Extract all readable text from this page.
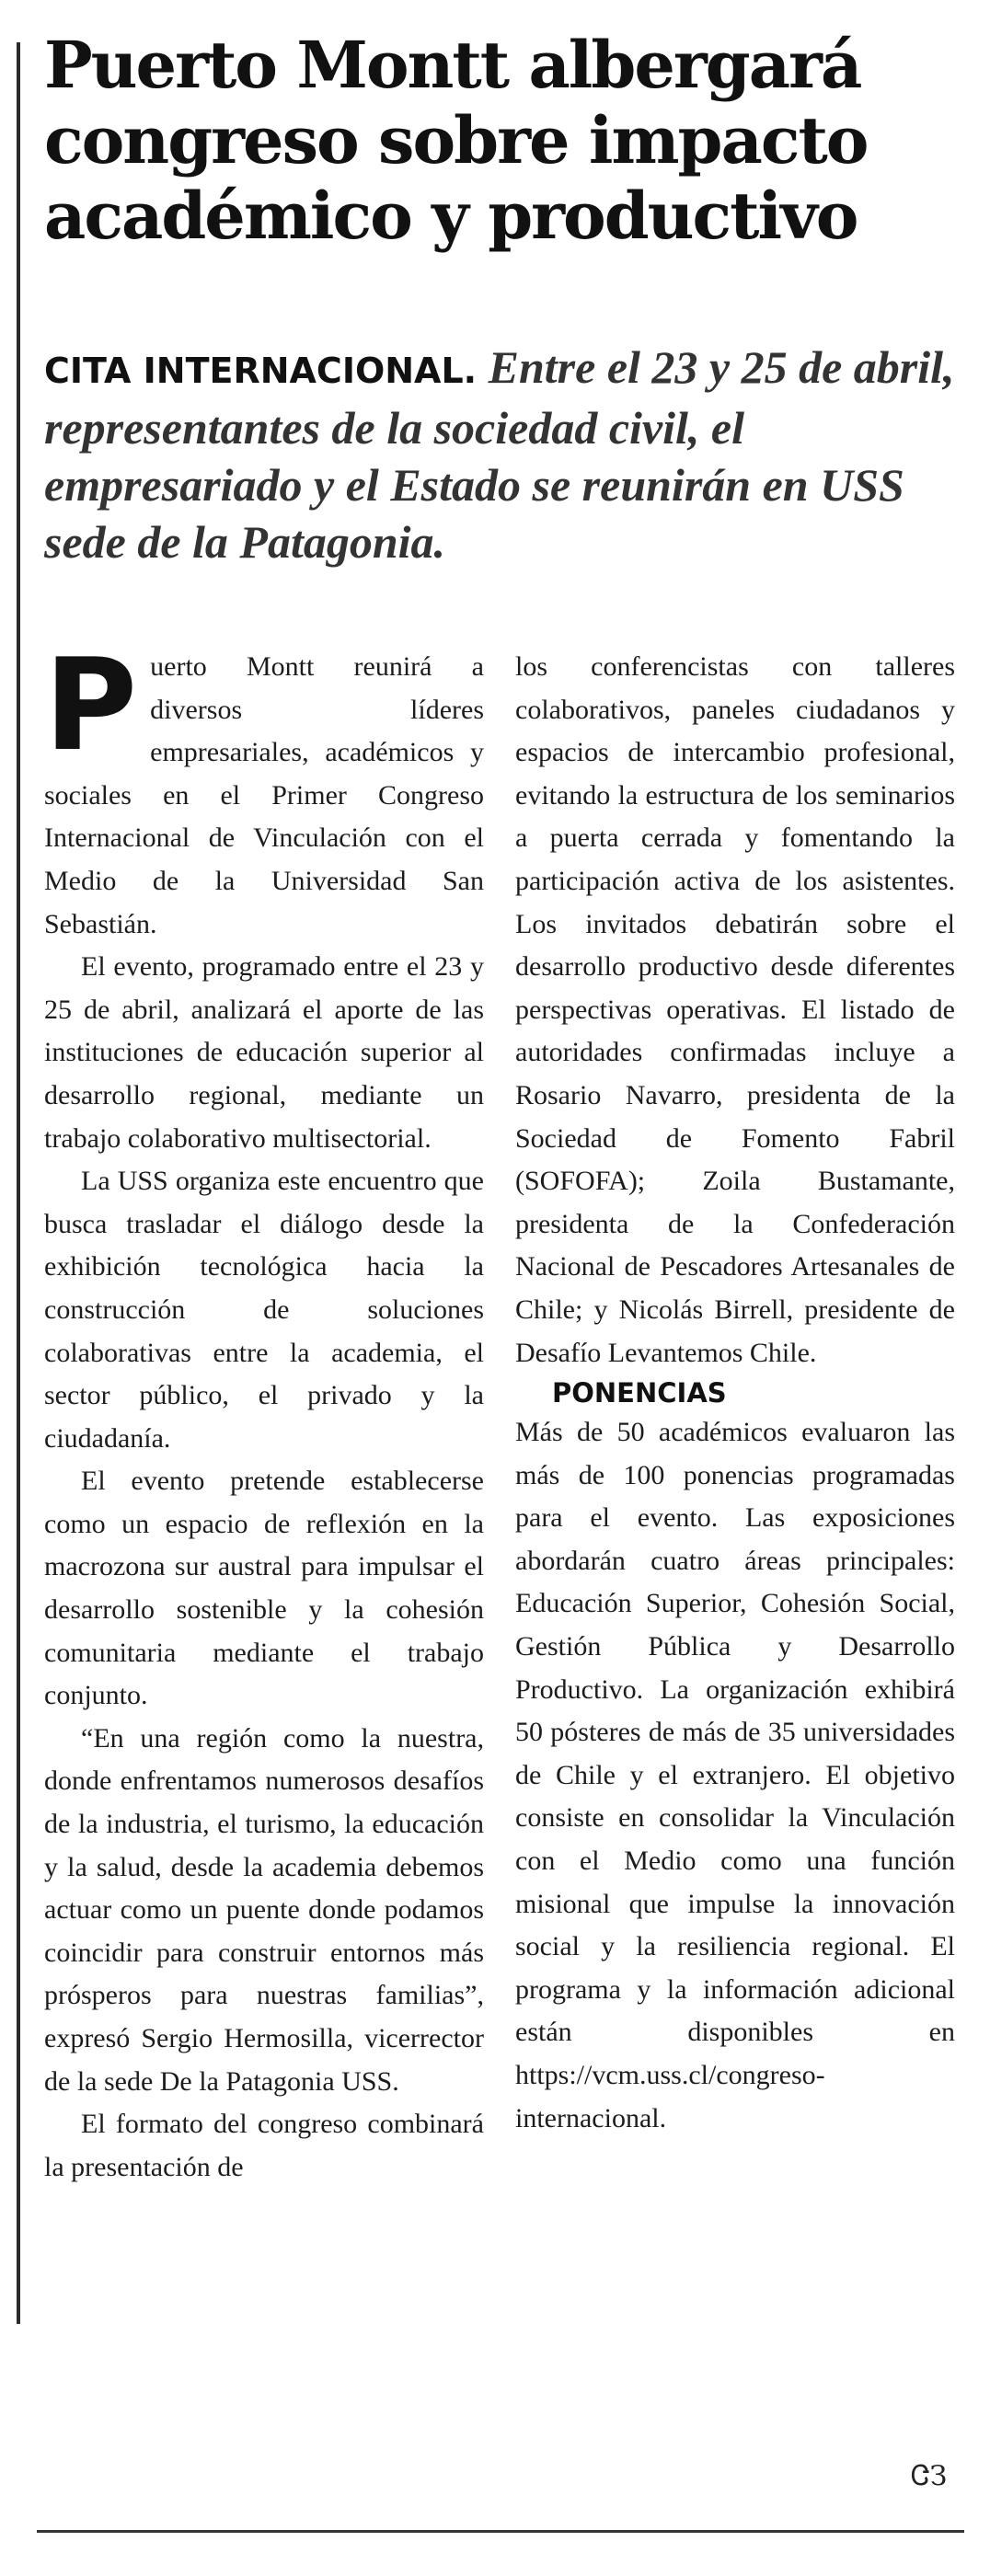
Puerto Montt albergará congreso sobre impacto académico y productivo

CITA INTERNACIONAL. Entre el 23 y 25 de abril, representantes de la sociedad civil, el empresariado y el Estado se reunirán en USS sede de la Patagonia.

Puerto Montt reunirá a diversos líderes empresariales, académicos y sociales en el Primer Congreso Internacional de Vinculación con el Medio de la Universidad San Sebastián.

El evento, programado entre el 23 y 25 de abril, analizará el aporte de las instituciones de educación superior al desarrollo regional, mediante un trabajo colaborativo multisectorial.

La USS organiza este encuentro que busca trasladar el diálogo desde la exhibición tecnológica hacia la construcción de soluciones colaborativas entre la academia, el sector público, el privado y la ciudadanía.

El evento pretende establecerse como un espacio de reflexión en la macrozona sur austral para impulsar el desarrollo sostenible y la cohesión comunitaria mediante el trabajo conjunto.

“En una región como la nuestra, donde enfrentamos numerosos desafíos de la industria, el turismo, la educación y la salud, desde la academia debemos actuar como un puente donde podamos coincidir para construir entornos más prósperos para nuestras familias”, expresó Sergio Hermosilla, vicerrector de la sede De la Patagonia USS.

El formato del congreso combinará la presentación de

los conferencistas con talleres colaborativos, paneles ciudadanos y espacios de intercambio profesional, evitando la estructura de los seminarios a puerta cerrada y fomentando la participación activa de los asistentes. Los invitados debatirán sobre el desarrollo productivo desde diferentes perspectivas operativas. El listado de autoridades confirmadas incluye a Rosario Navarro, presidenta de la Sociedad de Fomento Fabril (SOFOFA); Zoila Bustamante, presidenta de la Confederación Nacional de Pescadores Artesanales de Chile; y Nicolás Birrell, presidente de Desafío Levantemos Chile.

PONENCIAS

Más de 50 académicos evaluaron las más de 100 ponencias programadas para el evento. Las exposiciones abordarán cuatro áreas principales: Educación Superior, Cohesión Social, Gestión Pública y Desarrollo Productivo. La organización exhibirá 50 pósteres de más de 35 universidades de Chile y el extranjero. El objetivo consiste en consolidar la Vinculación con el Medio como una función misional que impulse la innovación social y la resiliencia regional. El programa y la información adicional están disponibles en https://vcm.uss.cl/congreso-internacional.

ᏣЗ
